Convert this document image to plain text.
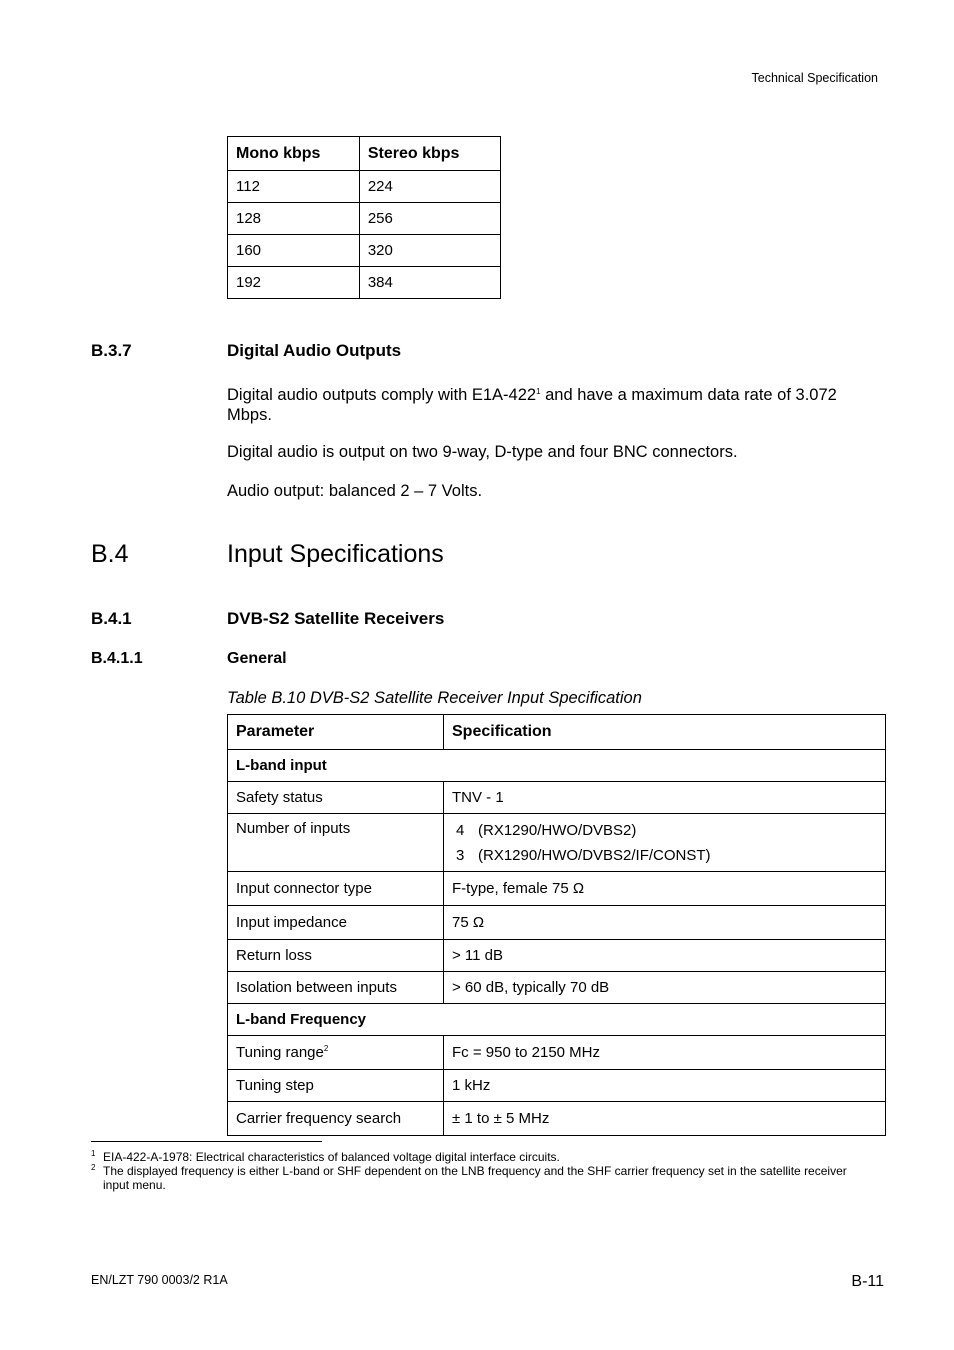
Technical Specification
Mono kbps	Stereo kbps
112	224
128	256
160	320
192	384
B.3.7	Digital Audio Outputs
Digital audio outputs comply with $E1A-422^1$ and have a maximum data rate of 3.072 Mbps.
Digital audio is output on two 9-way, D-type and four BNC connectors.
Audio output: balanced 2 – 7 Volts.
B.4	Input Specifications
B.4.1	DVB-S2 Satellite Receivers
B.4.1.1	General
Table B.10 DVB-S2 Satellite Receiver Input Specification
Parameter	Specification
L-band input	
Safety status	TNV - 1
Number of inputs	4 (RX1290/HWO/DVBS2)
3 (RX1290/HWO/DVBS2/IF/CONST)

Input connector type	F-type, female 75 Ω
Input impedance	75 Ω
Return loss	> 11 dB
Isolation between inputs	> 60 dB, typically 70 dB
L-band Frequency	
Tuning range$^2$	Fc = 950 to 2150 MHz
Tuning step	1 kHz
Carrier frequency search	± 1 to ± 5 MHz
1 EIA-422-A-1978: Electrical characteristics of balanced voltage digital interface circuits.
2 The displayed frequency is either L-band or SHF dependent on the LNB frequency and the SHF carrier frequency set in the satellite receiver input menu.
EN/LZT 790 0003/2 R1A	B-11
